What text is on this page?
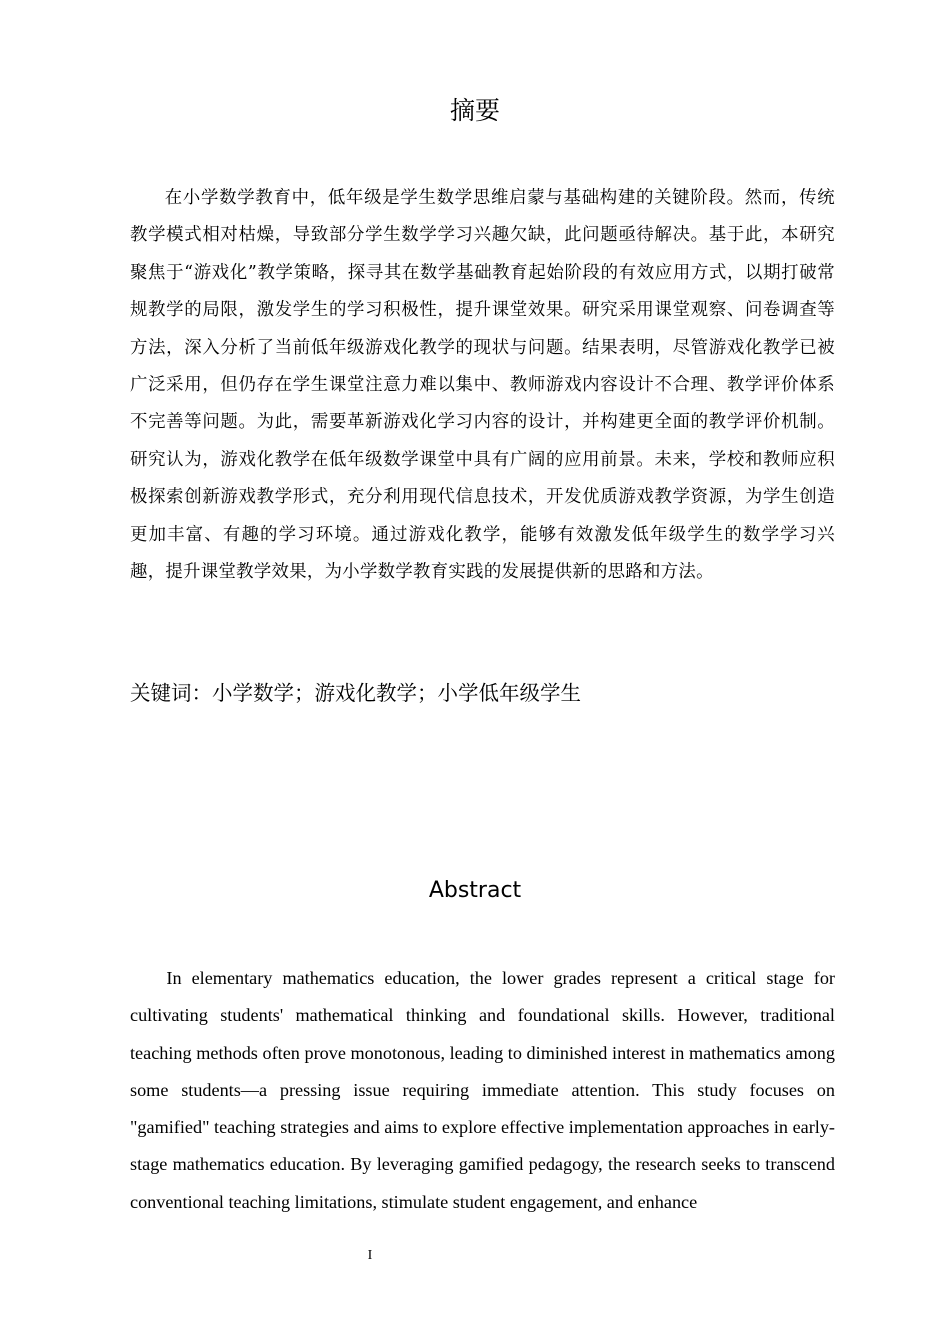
摘要

在小学数学教育中，低年级是学生数学思维启蒙与基础构建的关键阶段。然而，传统教学模式相对枯燥，导致部分学生数学学习兴趣欠缺，此问题亟待解决。基于此，本研究聚焦于“游戏化”教学策略，探寻其在数学基础教育起始阶段的有效应用方式，以期打破常规教学的局限，激发学生的学习积极性，提升课堂效果。研究采用课堂观察、问卷调查等方法，深入分析了当前低年级游戏化教学的现状与问题。结果表明，尽管游戏化教学已被广泛采用，但仍存在学生课堂注意力难以集中、教师游戏内容设计不合理、教学评价体系不完善等问题。为此，需要革新游戏化学习内容的设计，并构建更全面的教学评价机制。研究认为，游戏化教学在低年级数学课堂中具有广阔的应用前景。未来，学校和教师应积极探索创新游戏教学形式，充分利用现代信息技术，开发优质游戏教学资源，为学生创造更加丰富、有趣的学习环境。通过游戏化教学，能够有效激发低年级学生的数学学习兴趣，提升课堂教学效果，为小学数学教育实践的发展提供新的思路和方法。

关键词：小学数学；游戏化教学；小学低年级学生

Abstract

In elementary mathematics education, the lower grades represent a critical stage for cultivating students' mathematical thinking and foundational skills. However, traditional teaching methods often prove monotonous, leading to diminished interest in mathematics among some students—a pressing issue requiring immediate attention. This study focuses on "gamified" teaching strategies and aims to explore effective implementation approaches in early-stage mathematics education. By leveraging gamified pedagogy, the research seeks to transcend conventional teaching limitations, stimulate student engagement, and enhance

I
